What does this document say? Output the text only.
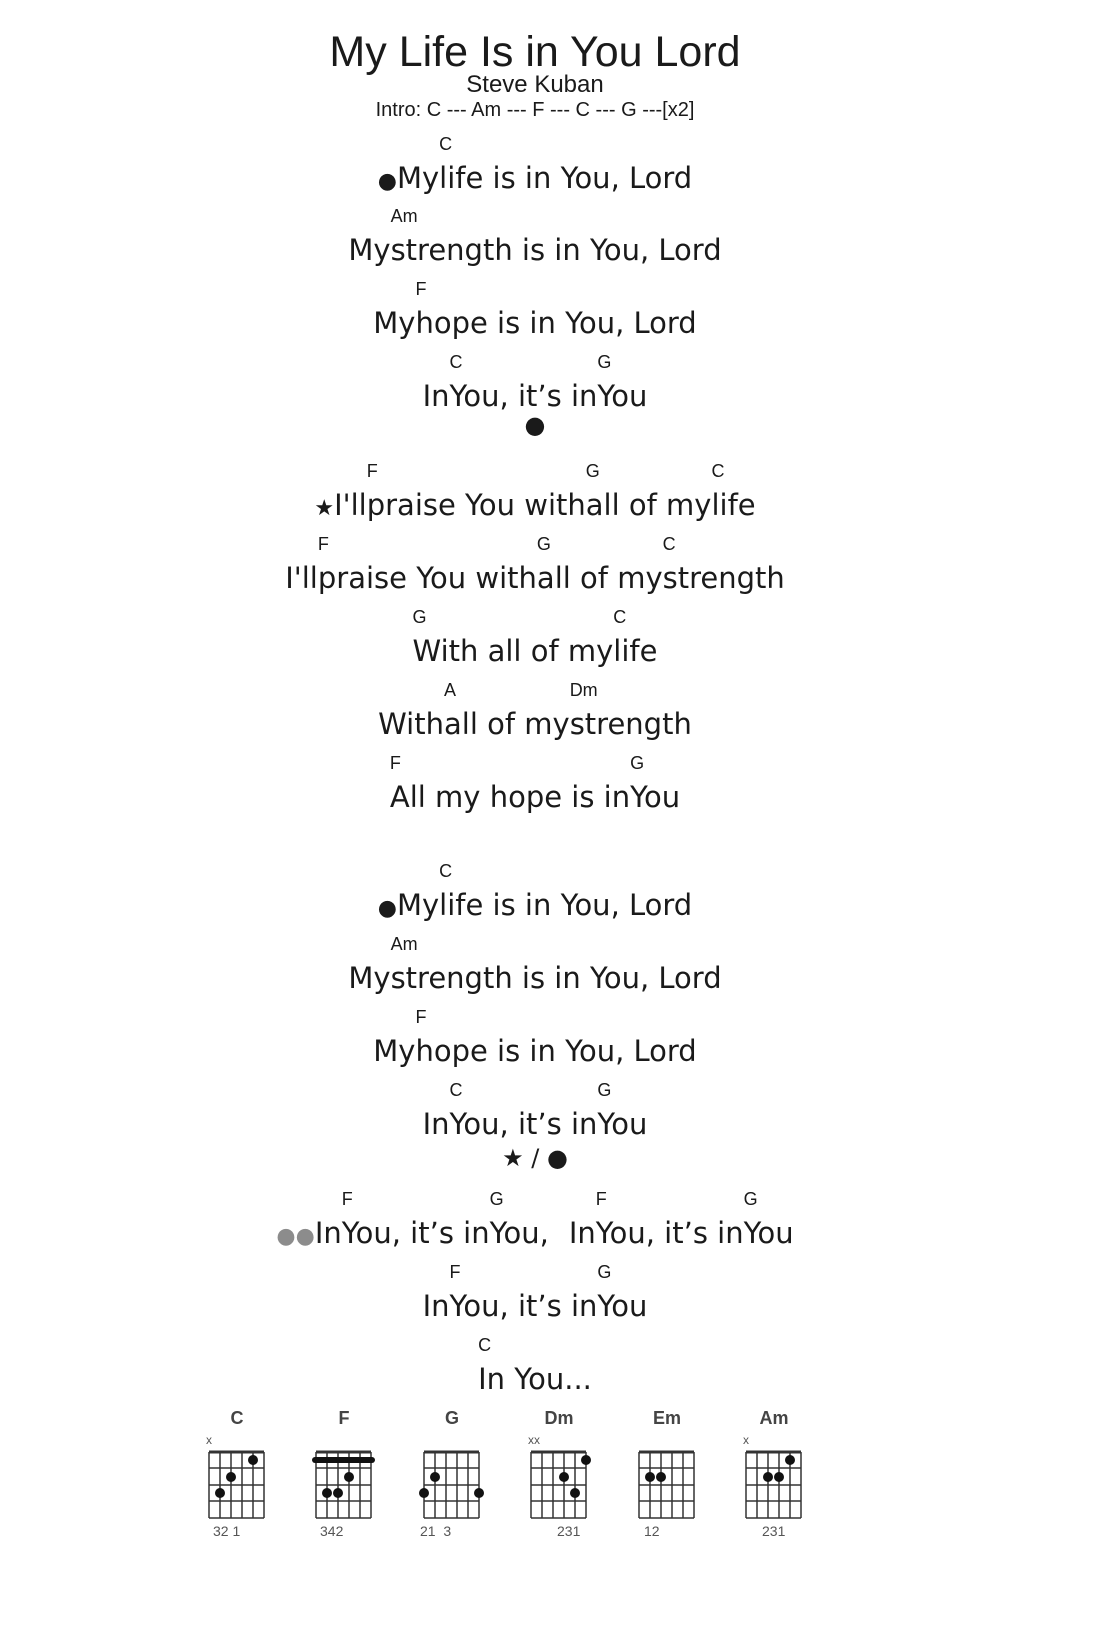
My Life Is in You Lord
Steve Kuban
Intro: C --- Am --- F --- C --- G ---[x2]
●My
C
life is in You, Lord
My
Am
strength is in You, Lord
My
F
hope is in You, Lord
In
C
You, it’s in
G
You
●
★I'll
F
praise You with
G
all of my
C
life
I'll
F
praise You with
G
all of my
C
strength
G
With all of my
C
life
With
A
all of my
Dm
strength
F
All my hope is in
G
You
●My
C
life is in You, Lord
My
Am
strength is in You, Lord
My
F
hope is in You, Lord
In
C
You, it’s in
G
You
★ / ●
●●In
F
You, it’s in
G
You, In
F
You, it’s in
G
You
In
F
You, it’s in
G
You
C
In You...
C
x
32 1
F
342
G
21  3
Dm
xx
231
Em
12
Am
x
231
